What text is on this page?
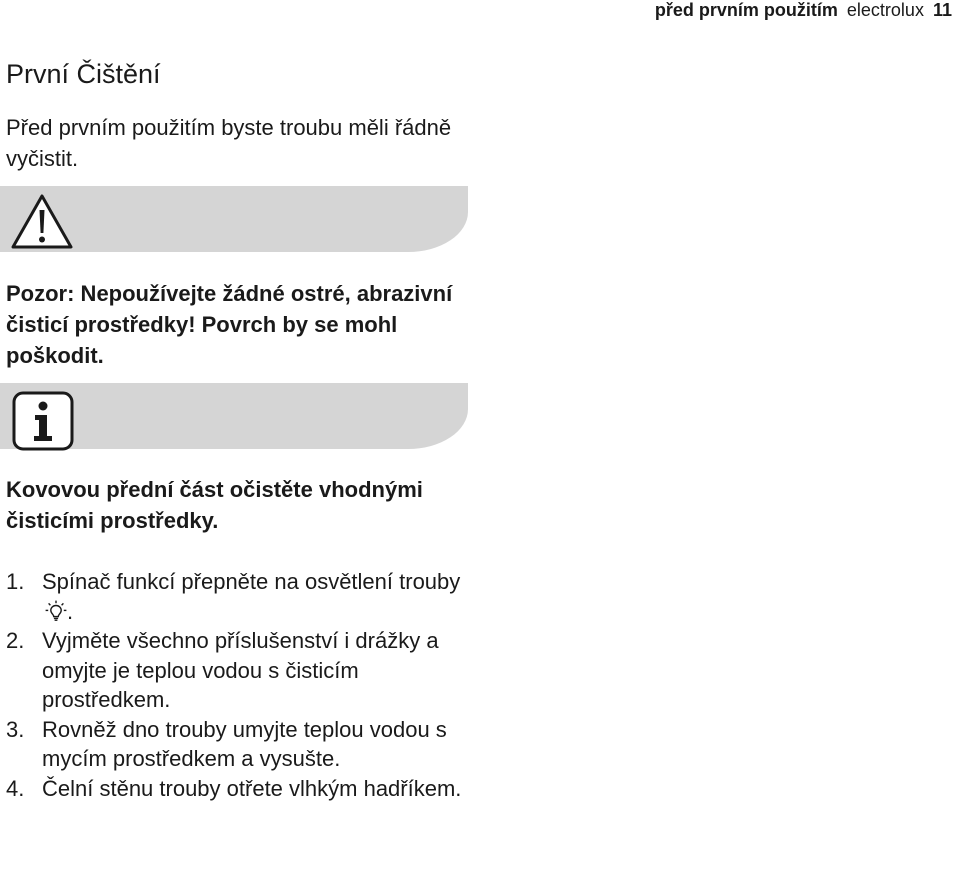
před prvním použitím electrolux 11
První Čištění

Před prvním použitím byste troubu měli řádně vyčistit.

Pozor: Nepoužívejte žádné ostré, abrazivní čisticí prostředky! Povrch by se mohl poškodit.

Kovovou přední část očistěte vhodnými čisticími prostředky.

1. Spínač funkcí přepněte na osvětlení trouby.
2. Vyjměte všechno příslušenství i drážky a omyjte je teplou vodou s čisticím prostředkem.
3. Rovněž dno trouby umyjte teplou vodou s mycím prostředkem a vysušte.
4. Čelní stěnu trouby otřete vlhkým hadříkem.
